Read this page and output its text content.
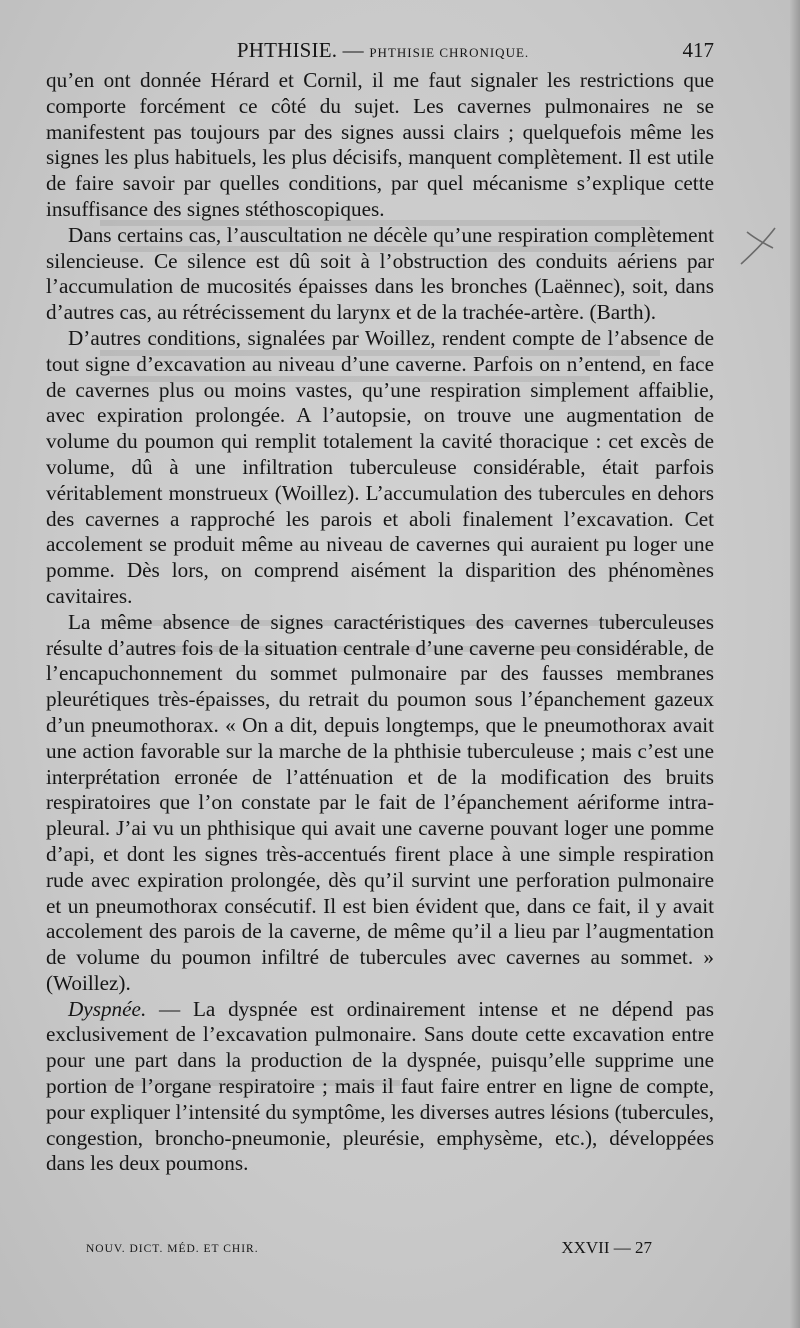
PHTHISIE. — PHTHISIE CHRONIQUE.	417

qu’en ont donnée Hérard et Cornil, il me faut signaler les restrictions que comporte forcément ce côté du sujet. Les cavernes pulmonaires ne se manifestent pas toujours par des signes aussi clairs ; quelquefois même les signes les plus habituels, les plus décisifs, manquent complètement. Il est utile de faire savoir par quelles conditions, par quel mécanisme s’explique cette insuffisance des signes stéthoscopiques.

Dans certains cas, l’auscultation ne décèle qu’une respiration complètement silencieuse. Ce silence est dû soit à l’obstruction des conduits aériens par l’accumulation de mucosités épaisses dans les bronches (Laënnec), soit, dans d’autres cas, au rétrécissement du larynx et de la trachée-artère. (Barth).

D’autres conditions, signalées par Woillez, rendent compte de l’absence de tout signe d’excavation au niveau d’une caverne. Parfois on n’entend, en face de cavernes plus ou moins vastes, qu’une respiration simplement affaiblie, avec expiration prolongée. A l’autopsie, on trouve une augmentation de volume du poumon qui remplit totalement la cavité thoracique : cet excès de volume, dû à une infiltration tuberculeuse considérable, était parfois véritablement monstrueux (Woillez). L’accumulation des tubercules en dehors des cavernes a rapproché les parois et aboli finalement l’excavation. Cet accolement se produit même au niveau de cavernes qui auraient pu loger une pomme. Dès lors, on comprend aisément la disparition des phénomènes cavitaires.

La même absence de signes caractéristiques des cavernes tuberculeuses résulte d’autres fois de la situation centrale d’une caverne peu considérable, de l’encapuchonnement du sommet pulmonaire par des fausses membranes pleurétiques très-épaisses, du retrait du poumon sous l’épanchement gazeux d’un pneumothorax. « On a dit, depuis longtemps, que le pneumothorax avait une action favorable sur la marche de la phthisie tuberculeuse ; mais c’est une interprétation erronée de l’atténuation et de la modification des bruits respiratoires que l’on constate par le fait de l’épanchement aériforme intra-pleural. J’ai vu un phthisique qui avait une caverne pouvant loger une pomme d’api, et dont les signes très-accentués firent place à une simple respiration rude avec expiration prolongée, dès qu’il survint une perforation pulmonaire et un pneumothorax consécutif. Il est bien évident que, dans ce fait, il y avait accolement des parois de la caverne, de même qu’il a lieu par l’augmentation de volume du poumon infiltré de tubercules avec cavernes au sommet. » (Woillez).

Dyspnée. — La dyspnée est ordinairement intense et ne dépend pas exclusivement de l’excavation pulmonaire. Sans doute cette excavation entre pour une part dans la production de la dyspnée, puisqu’elle supprime une portion de l’organe respiratoire ; mais il faut faire entrer en ligne de compte, pour expliquer l’intensité du symptôme, les diverses autres lésions (tubercules, congestion, broncho-pneumonie, pleurésie, emphysème, etc.), développées dans les deux poumons.

NOUV. DICT. MÉD. ET CHIR.	XXVII — 27
